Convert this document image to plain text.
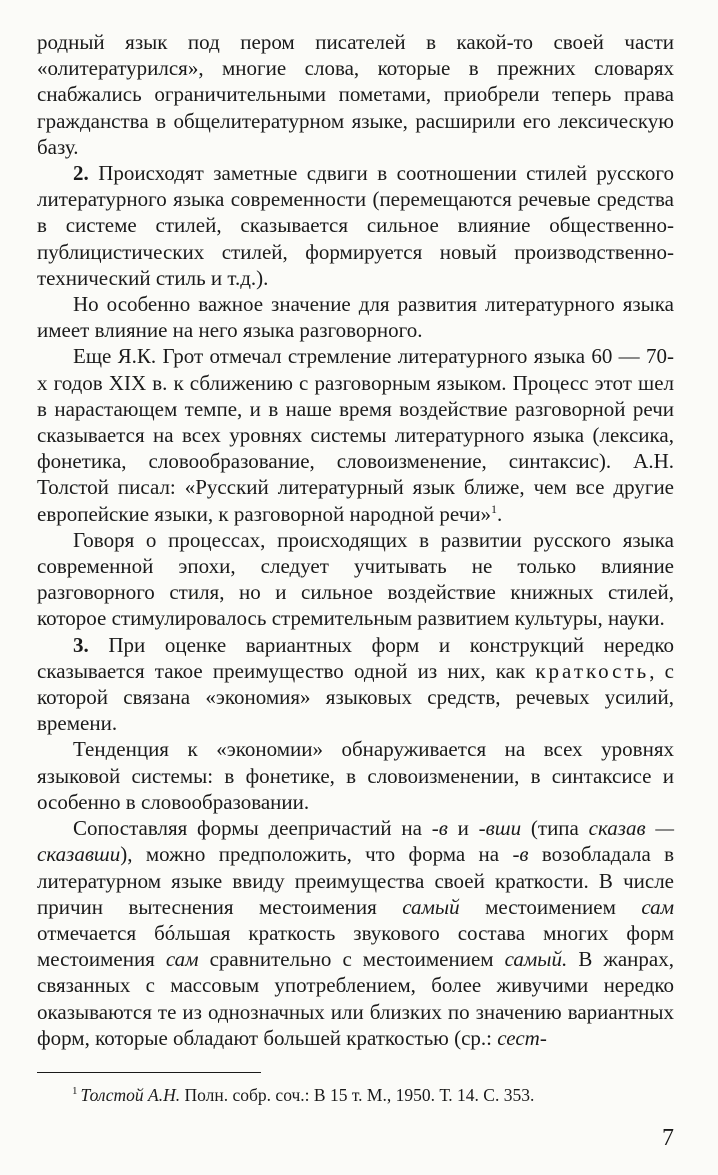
родный язык под пером писателей в какой-то своей части «олитературился», многие слова, которые в прежних словарях снабжались ограничительными пометами, приобрели теперь права гражданства в общелитературном языке, расширили его лексическую базу.

2. Происходят заметные сдвиги в соотношении стилей русского литературного языка современности (перемещаются речевые средства в системе стилей, сказывается сильное влияние общественно-публицистических стилей, формируется новый производственно-технический стиль и т.д.).

Но особенно важное значение для развития литературного языка имеет влияние на него языка разговорного.

Еще Я.К. Грот отмечал стремление литературного языка 60 — 70-х годов XIX в. к сближению с разговорным языком. Процесс этот шел в нарастающем темпе, и в наше время воздействие разговорной речи сказывается на всех уровнях системы литературного языка (лексика, фонетика, словообразование, словоизменение, синтаксис). А.Н. Толстой писал: «Русский литературный язык ближе, чем все другие европейские языки, к разговорной народной речи»$^1$.

Говоря о процессах, происходящих в развитии русского языка современной эпохи, следует учитывать не только влияние разговорного стиля, но и сильное воздействие книжных стилей, которое стимулировалось стремительным развитием культуры, науки.

3. При оценке вариантных форм и конструкций нередко сказывается такое преимущество одной из них, как краткость, с которой связана «экономия» языковых средств, речевых усилий, времени.

Тенденция к «экономии» обнаруживается на всех уровнях языковой системы: в фонетике, в словоизменении, в синтаксисе и особенно в словообразовании.

Сопоставляя формы деепричастий на -в и -вши (типа сказав — сказавши), можно предположить, что форма на -в возобладала в литературном языке ввиду преимущества своей краткости. В числе причин вытеснения местоимения самый местоимением сам отмечается бóльшая краткость звукового состава многих форм местоимения сам сравнительно с местоимением самый. В жанрах, связанных с массовым употреблением, более живучими нередко оказываются те из однозначных или близких по значению вариантных форм, которые обладают большей краткостью (ср.: сест-

$^1$ Толстой А.Н. Полн. собр. соч.: В 15 т. М., 1950. Т. 14. С. 353.
7
